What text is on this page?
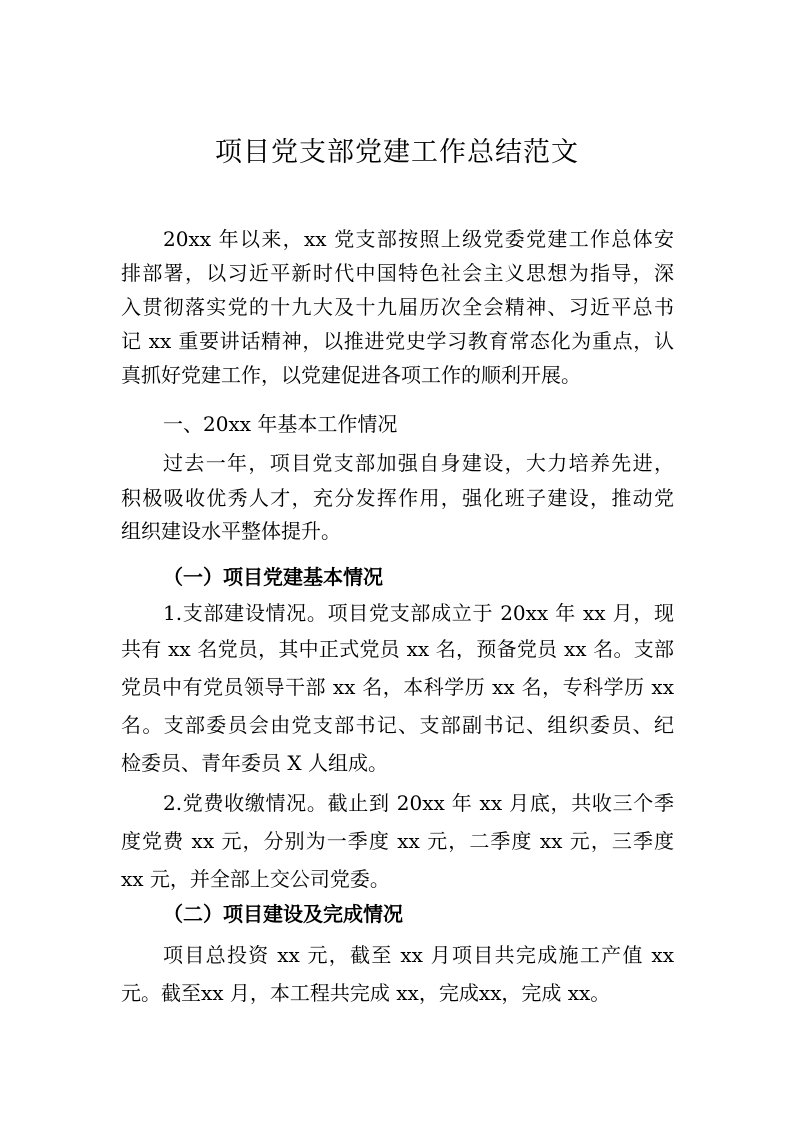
项目党支部党建工作总结范文
20xx 年以来，xx 党支部按照上级党委党建工作总体安
排部署，以习近平新时代中国特色社会主义思想为指导，深
入贯彻落实党的十九大及十九届历次全会精神、习近平总书
记 xx 重要讲话精神，以推进党史学习教育常态化为重点，认
真抓好党建工作，以党建促进各项工作的顺利开展。
一、20xx 年基本工作情况
过去一年，项目党支部加强自身建设，大力培养先进，
积极吸收优秀人才，充分发挥作用，强化班子建设，推动党
组织建设水平整体提升。
（一）项目党建基本情况
1.支部建设情况。项目党支部成立于 20xx 年 xx 月，现
共有 xx 名党员，其中正式党员 xx 名，预备党员 xx 名。支部
党员中有党员领导干部 xx 名，本科学历 xx 名，专科学历 xx
名。支部委员会由党支部书记、支部副书记、组织委员、纪
检委员、青年委员 X 人组成。
2.党费收缴情况。截止到 20xx 年 xx 月底，共收三个季
度党费 xx 元，分别为一季度 xx 元，二季度 xx 元，三季度
xx 元，并全部上交公司党委。
（二）项目建设及完成情况
项目总投资 xx 元，截至 xx 月项目共完成施工产值 xx
元。截至xx 月，本工程共完成 xx，完成xx，完成 xx。
